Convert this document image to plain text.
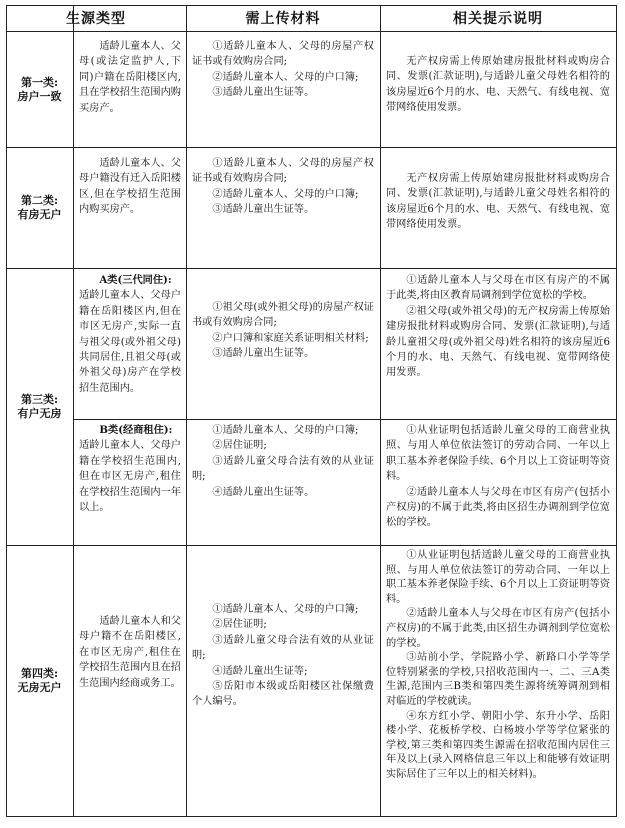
生源类型	需上传材料	相关提示说明
第一类:
房户一致

适龄儿童本人、父母(或法定监护人,下同)户籍在岳阳楼区内,且在学校招生范围内购买房产。

①适龄儿童本人、父母的房屋产权证书或有效购房合同;

②适龄儿童本人、父母的户口簿;

③适龄儿童出生证等。

无产权房需上传原始建房报批材料或购房合同、发票(汇款证明),与适龄儿童父母姓名相符的该房屋近6个月的水、电、天然气、有线电视、宽带网络使用发票。

第二类:
有房无户

适龄儿童本人、父母户籍没有迁入岳阳楼区,但在学校招生范围内购买房产。

①适龄儿童本人、父母的房屋产权证书或有效购房合同;

②适龄儿童本人、父母的户口簿;

③适龄儿童出生证等。

无产权房需上传原始建房报批材料或购房合同、发票(汇款证明),与适龄儿童父母姓名相符的该房屋近6个月的水、电、天然气、有线电视、宽带网络使用发票。

第三类:
有户无房

A类(三代同住):

适龄儿童本人、父母户籍在岳阳楼区内,但在市区无房产,实际一直与祖父母(或外祖父母)共同居住,且祖父母(或外祖父母)房产在学校招生范围内。

①祖父母(或外祖父母)的房屋产权证书或有效购房合同;

②户口簿和家庭关系证明相关材料;

③适龄儿童出生证等。

①适龄儿童本人与父母在市区有房产的不属于此类,将由区教育局调剂到学位宽松的学校。

②祖父母(或外祖父母)的无产权房需上传原始建房报批材料或购房合同、发票(汇款证明),与适龄儿童祖父母(或外祖父母)姓名相符的该房屋近6个月的水、电、天然气、有线电视、宽带网络使用发票。

B类(经商租住):

适龄儿童本人、父母户籍在学校招生范围内,但在市区无房产,租住在学校招生范围内一年以上。

①适龄儿童本人、父母的户口簿;

②居住证明;

③适龄儿童父母合法有效的从业证明;

④适龄儿童出生证等。

①从业证明包括适龄儿童父母的工商营业执照、与用人单位依法签订的劳动合同、一年以上职工基本养老保险手续、6个月以上工资证明等资料。

②适龄儿童本人与父母在市区有房产(包括小产权房)的不属于此类,将由区招生办调剂到学位宽松的学校。

第四类:
无房无户

适龄儿童本人和父母户籍不在岳阳楼区,在市区无房产,租住在学校招生范围内且在招生范围内经商或务工。

①适龄儿童本人、父母的户口簿;

②居住证明;

③适龄儿童父母合法有效的从业证明;

④适龄儿童出生证等;

⑤岳阳市本级或岳阳楼区社保缴费个人编号。

①从业证明包括适龄儿童父母的工商营业执照、与用人单位依法签订的劳动合同、一年以上职工基本养老保险手续、6个月以上工资证明等资料。

②适龄儿童本人与父母在市区有房产(包括小产权房)的不属于此类,由区招生办调剂到学位宽松的学校。

③站前小学、学院路小学、新路口小学等学位特别紧张的学校,只招收范围内一、二、三A类生源,范围内三B类和第四类生源将统筹调剂到相对临近的学校就读。

④东方红小学、朝阳小学、东升小学、岳阳楼小学、花板桥学校、白杨坡小学等学位紧张的学校,第三类和第四类生源需在招收范围内居住三年及以上(录入网格信息三年以上和能够有效证明实际居住了三年以上的相关材料)。
